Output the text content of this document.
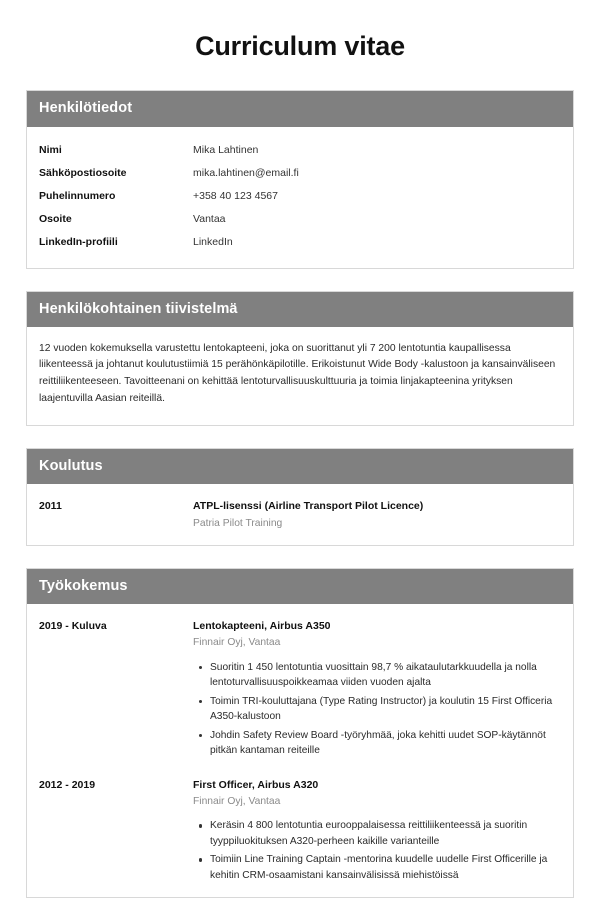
Curriculum vitae
Henkilötiedot
Nimi	Mika Lahtinen
Sähköpostiosoite	mika.lahtinen@email.fi
Puhelinnumero	+358 40 123 4567
Osoite	Vantaa
LinkedIn-profiili	LinkedIn
Henkilökohtainen tiivistelmä

12 vuoden kokemuksella varustettu lentokapteeni, joka on suorittanut yli 7 200 lentotuntia kaupallisessa liikenteessä ja johtanut koulutustiimiä 15 perähönkäpilotille. Erikoistunut Wide Body -kalustoon ja kansainväliseen reittiliikenteeseen. Tavoitteenani on kehittää lentoturvallisuuskulttuuria ja toimia linjakapteenina yrityksen laajentuvilla Aasian reiteillä.

Koulutus
2011	ATPL-lisenssi (Airline Transport Pilot Licence)
Patria Pilot Training
Työkokemus
2019 - Kuluva	Lentokapteeni, Airbus A350
Finnair Oyj, Vantaa
Suoritin 1 450 lentotuntia vuosittain 98,7 % aikataulutarkkuudella ja nolla lentoturvallisuuspoikkeamaa viiden vuoden ajalta
Toimin TRI-kouluttajana (Type Rating Instructor) ja koulutin 15 First Officeria A350-kalustoon
Johdin Safety Review Board -työryhmää, joka kehitti uudet SOP-käytännöt pitkän kantaman reiteille
2012 - 2019	First Officer, Airbus A320
Finnair Oyj, Vantaa
Keräsin 4 800 lentotuntia eurooppalaisessa reittiliikenteessä ja suoritin tyyppiluokituksen A320-perheen kaikille varianteille
Toimiin Line Training Captain -mentorina kuudelle uudelle First Officerille ja kehitin CRM-osaamistani kansainvälisissä miehistöissä
